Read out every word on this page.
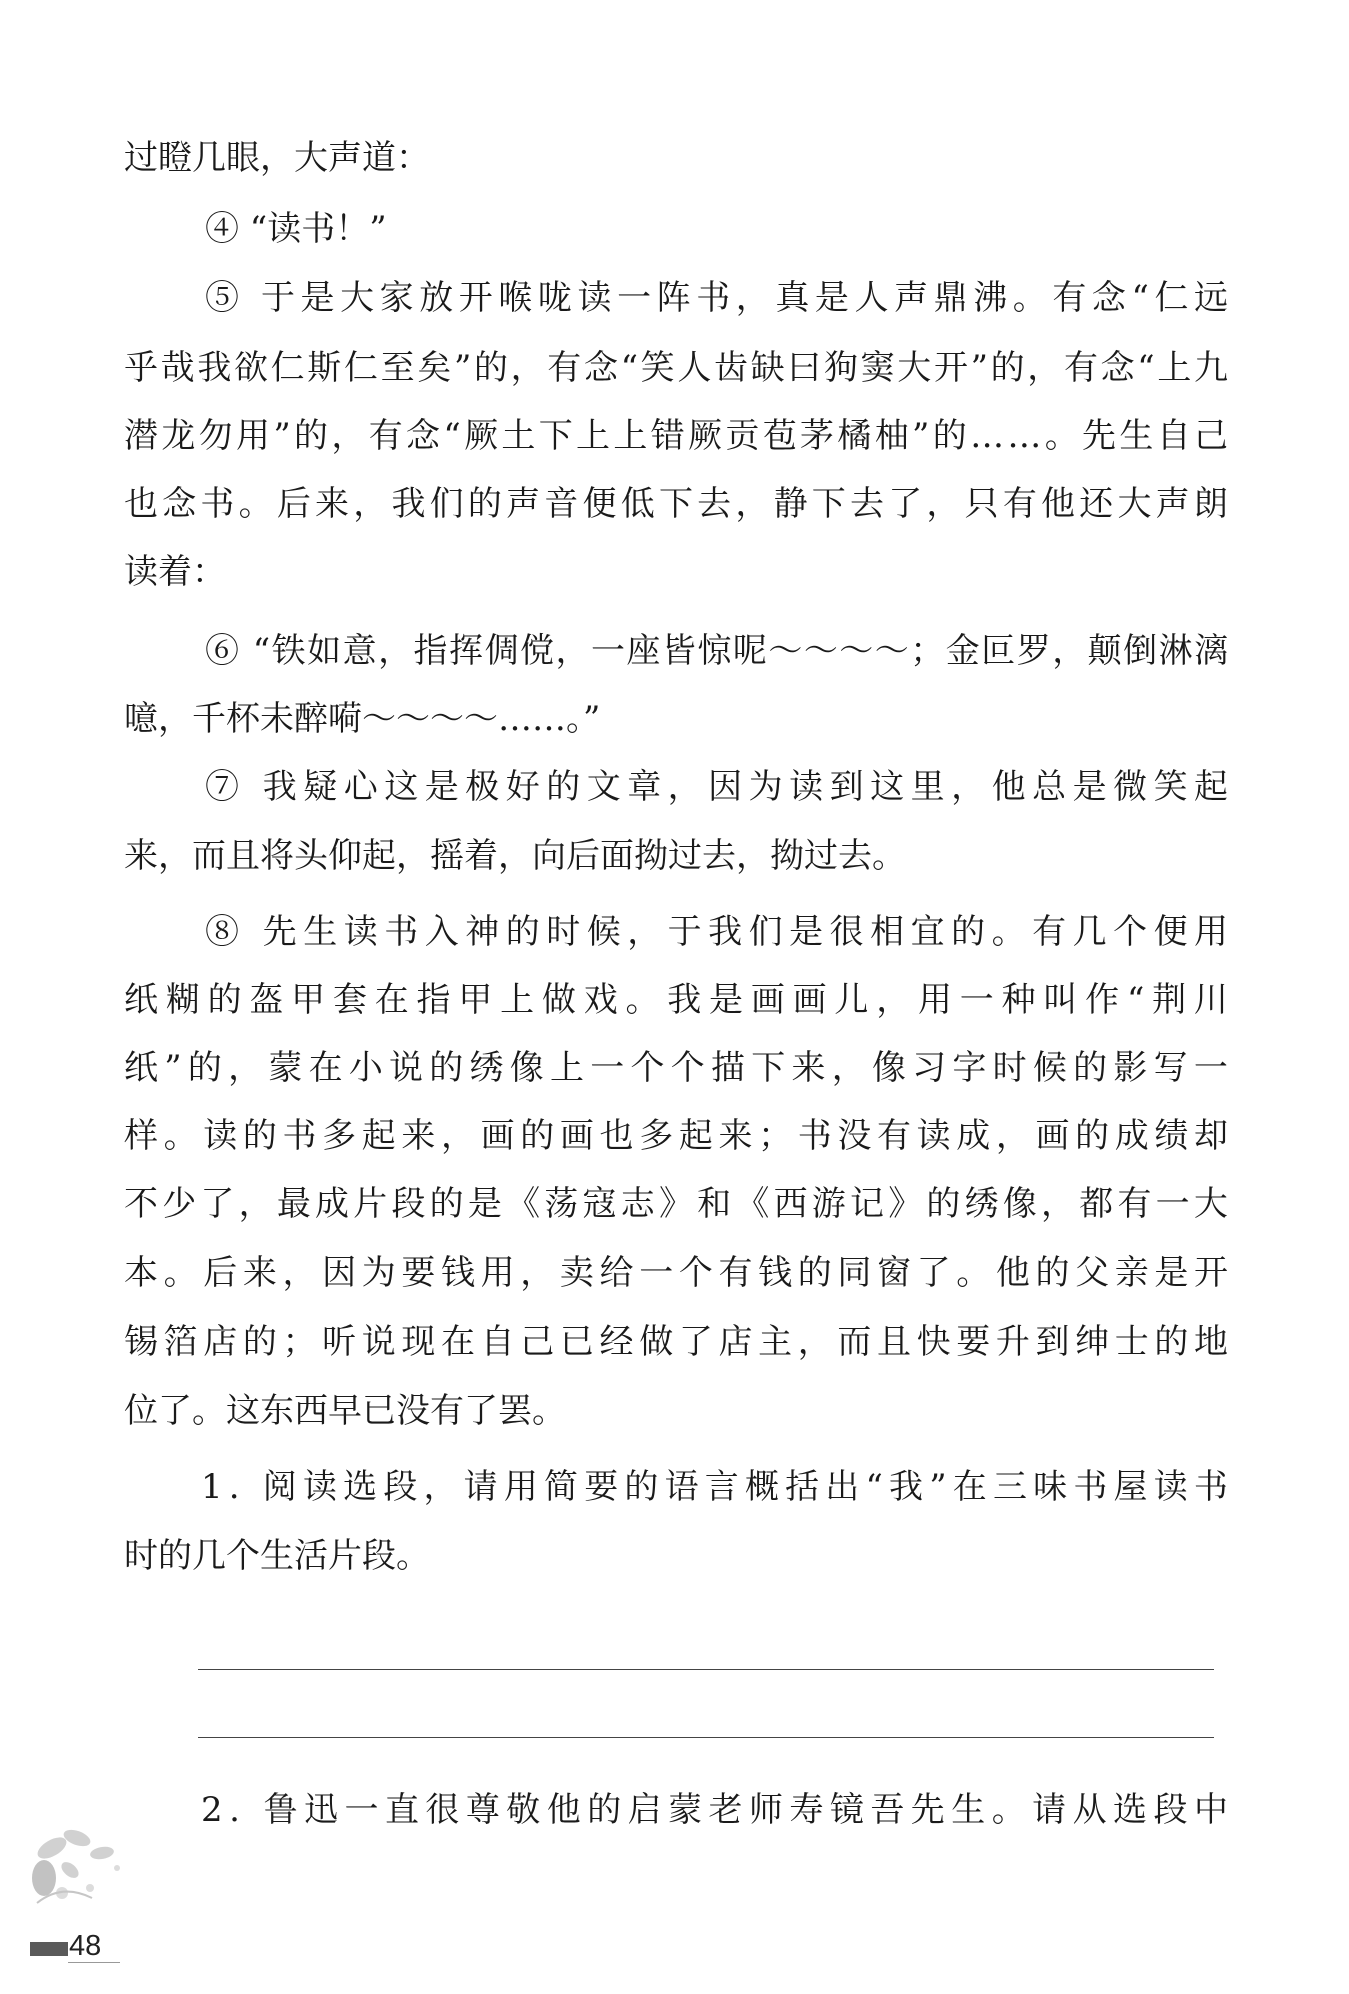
过瞪几眼，大声道：
④ “读书！”
⑤ 于是大家放开喉咙读一阵书，真是人声鼎沸。有念“仁远
乎哉我欲仁斯仁至矣”的，有念“笑人齿缺曰狗窦大开”的，有念“上九
潜龙勿用”的，有念“厥土下上上错厥贡苞茅橘柚”的……。先生自己
也念书。后来，我们的声音便低下去，静下去了，只有他还大声朗
读着：
⑥ “铁如意，指挥倜傥，一座皆惊呢～～～～；金叵罗，颠倒淋漓
噫，千杯未醉嗬～～～～……。”
⑦ 我疑心这是极好的文章，因为读到这里，他总是微笑起
来，而且将头仰起，摇着，向后面拗过去，拗过去。
⑧ 先生读书入神的时候，于我们是很相宜的。有几个便用
纸糊的盔甲套在指甲上做戏。我是画画儿，用一种叫作“荆川
纸”的，蒙在小说的绣像上一个个描下来，像习字时候的影写一
样。读的书多起来，画的画也多起来；书没有读成，画的成绩却
不少了，最成片段的是《荡寇志》和《西游记》的绣像，都有一大
本。后来，因为要钱用，卖给一个有钱的同窗了。他的父亲是开
锡箔店的；听说现在自己已经做了店主，而且快要升到绅士的地
位了。这东西早已没有了罢。
1. 阅读选段，请用简要的语言概括出“我”在三味书屋读书
时的几个生活片段。
2. 鲁迅一直很尊敬他的启蒙老师寿镜吾先生。请从选段中
48
